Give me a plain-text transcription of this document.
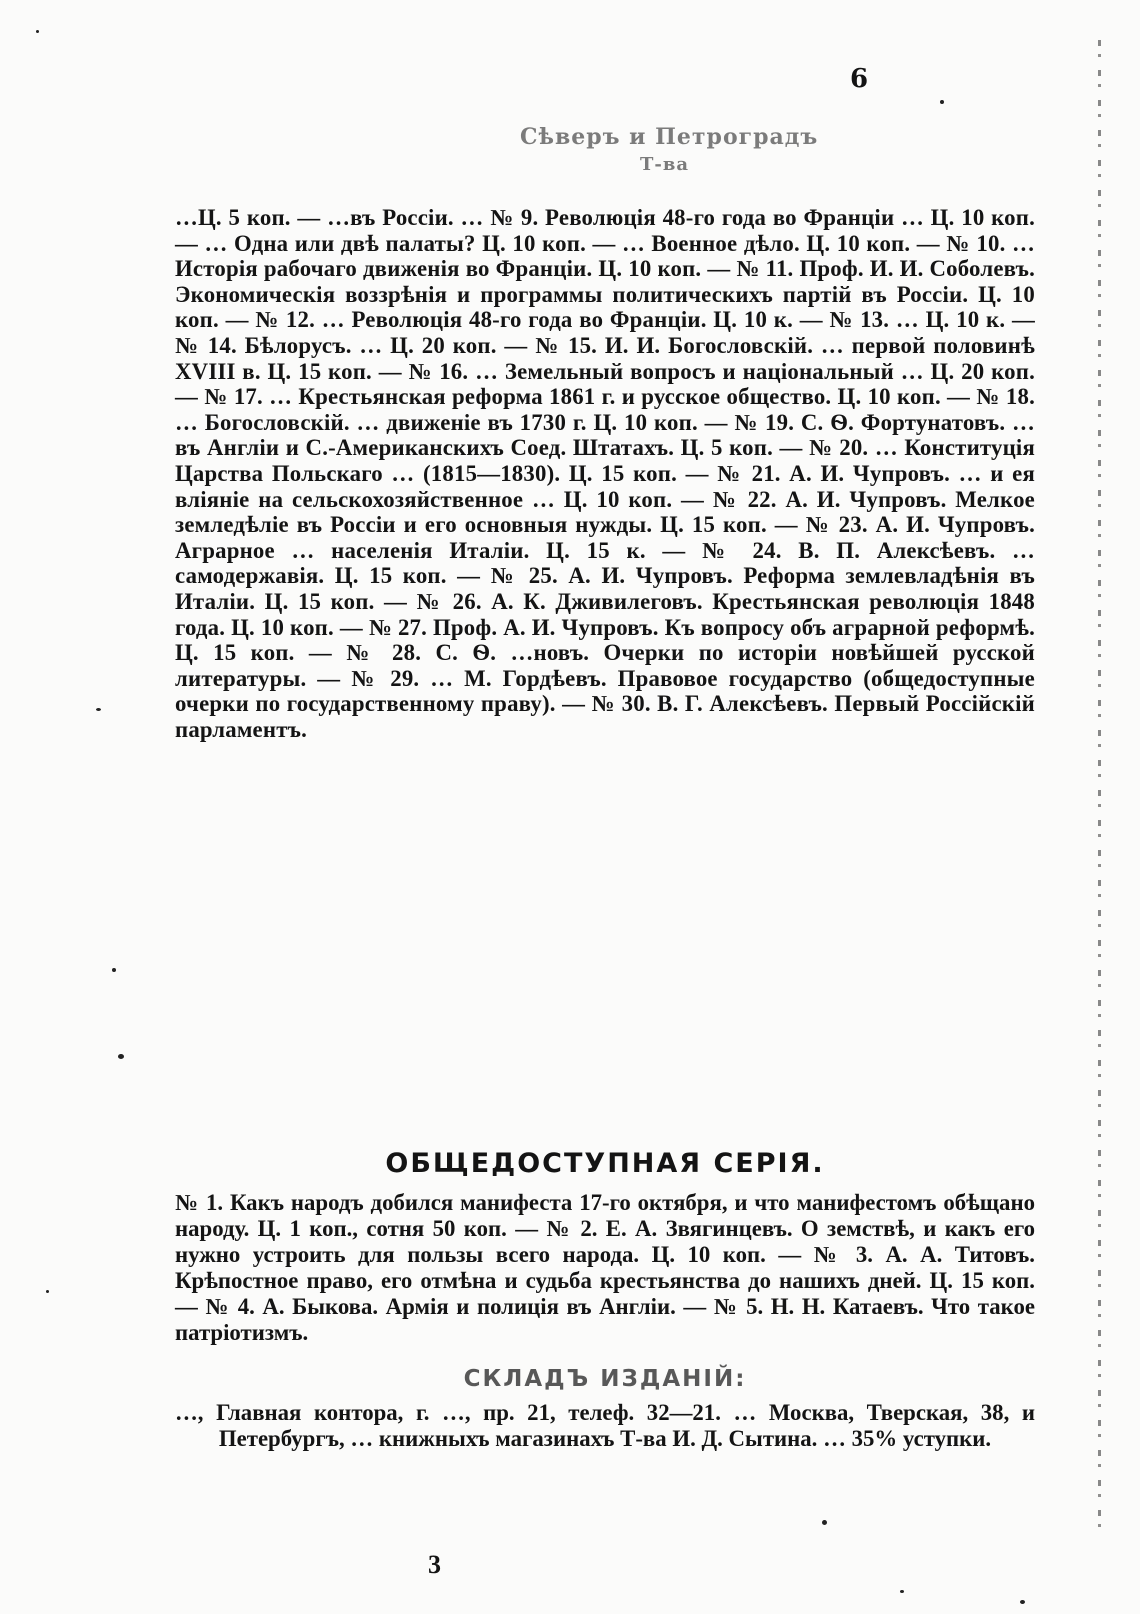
6
Сѣверъ и Петроградъ
Т-ва
…Ц. 5 коп. — …въ Россіи. … № 9. Революція 48-го года во Франціи … Ц. 10 коп. — … Одна или двѣ палаты? Ц. 10 коп. — … Военное дѣло. Ц. 10 коп. — № 10. … Исторія рабочаго движенія во Франціи. Ц. 10 коп. — № 11. Проф. И. И. Соболевъ. Экономическія воззрѣнія и программы политическихъ партій въ Россіи. Ц. 10 коп. — № 12. … Революція 48-го года во Франціи. Ц. 10 к. — № 13. … Ц. 10 к. — № 14. Бѣлорусъ. … Ц. 20 коп. — № 15. И. И. Богословскій. … первой половинѣ XVIII в. Ц. 15 коп. — № 16. … Земельный вопросъ и національный … Ц. 20 коп. — № 17. … Крестьянская реформа 1861 г. и русское общество. Ц. 10 коп. — № 18. … Богословскій. … движеніе въ 1730 г. Ц. 10 коп. — № 19. С. Ѳ. Фортунатовъ. … въ Англіи и С.-Американскихъ Соед. Штатахъ. Ц. 5 коп. — № 20. … Конституція Царства Польскаго … (1815—1830). Ц. 15 коп. — № 21. А. И. Чупровъ. … и ея вліяніе на сельскохозяйственное … Ц. 10 коп. — № 22. А. И. Чупровъ. Мелкое земледѣліе въ Россіи и его основныя нужды. Ц. 15 коп. — № 23. А. И. Чупровъ. Аграрное … населенія Италіи. Ц. 15 к. — № 24. В. П. Алексѣевъ. … самодержавія. Ц. 15 коп. — № 25. А. И. Чупровъ. Реформа землевладѣнія въ Италіи. Ц. 15 коп. — № 26. А. К. Дживилеговъ. Крестьянская революція 1848 года. Ц. 10 коп. — № 27. Проф. А. И. Чупровъ. Къ вопросу объ аграрной реформѣ. Ц. 15 коп. — № 28. С. Ѳ. …новъ. Очерки по исторіи новѣйшей русской литературы. — № 29. … М. Гордѣевъ. Правовое государство (общедоступные очерки по государственному праву). — № 30. В. Г. Алексѣевъ. Первый Россійскій парламентъ.
ОБЩЕДОСТУПНАЯ СЕРІЯ.
№ 1. Какъ народъ добился манифеста 17-го октября, и что манифестомъ обѣщано народу. Ц. 1 коп., сотня 50 коп. — № 2. Е. А. Звягинцевъ. О земствѣ, и какъ его нужно устроить для пользы всего народа. Ц. 10 коп. — № 3. А. А. Титовъ. Крѣпостное право, его отмѣна и судьба крестьянства до нашихъ дней. Ц. 15 коп. — № 4. А. Быкова. Армія и полиція въ Англіи. — № 5. Н. Н. Катаевъ. Что такое патріотизмъ.
СКЛАДЪ ИЗДАНІЙ:
…, Главная контора, г. …, пр. 21, телеф. 32—21. … Москва, Тверская, 38, и Петербургъ, … книжныхъ магазинахъ Т-ва И. Д. Сытина. … 35% уступки.
3
